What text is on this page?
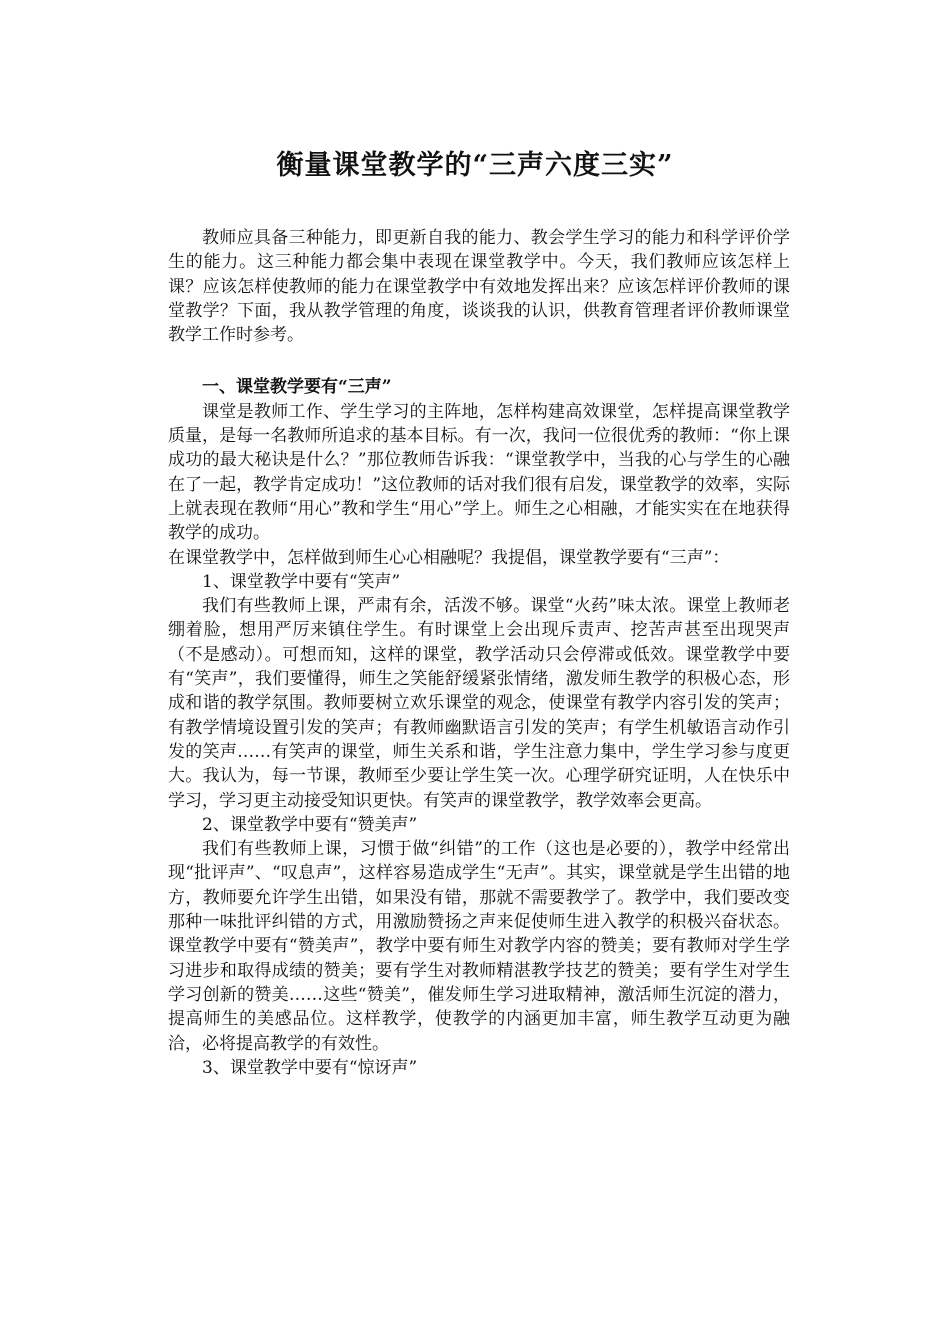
衡量课堂教学的“三声六度三实”

教师应具备三种能力，即更新自我的能力、教会学生学习的能力和科学评价学生的能力。这三种能力都会集中表现在课堂教学中。今天，我们教师应该怎样上课？应该怎样使教师的能力在课堂教学中有效地发挥出来？应该怎样评价教师的课堂教学？下面，我从教学管理的角度，谈谈我的认识，供教育管理者评价教师课堂教学工作时参考。

一、课堂教学要有“三声”

课堂是教师工作、学生学习的主阵地，怎样构建高效课堂，怎样提高课堂教学质量，是每一名教师所追求的基本目标。有一次，我问一位很优秀的教师：“你上课成功的最大秘诀是什么？”那位教师告诉我：“课堂教学中，当我的心与学生的心融在了一起，教学肯定成功！”这位教师的话对我们很有启发，课堂教学的效率，实际上就表现在教师“用心”教和学生“用心”学上。师生之心相融，才能实实在在地获得教学的成功。

在课堂教学中，怎样做到师生心心相融呢？我提倡，课堂教学要有“三声”：

1、课堂教学中要有“笑声”

我们有些教师上课，严肃有余，活泼不够。课堂“火药”味太浓。课堂上教师老绷着脸，想用严厉来镇住学生。有时课堂上会出现斥责声、挖苦声甚至出现哭声（不是感动）。可想而知，这样的课堂，教学活动只会停滞或低效。课堂教学中要有“笑声”，我们要懂得，师生之笑能舒缓紧张情绪，激发师生教学的积极心态，形成和谐的教学氛围。教师要树立欢乐课堂的观念，使课堂有教学内容引发的笑声；有教学情境设置引发的笑声；有教师幽默语言引发的笑声；有学生机敏语言动作引发的笑声……有笑声的课堂，师生关系和谐，学生注意力集中，学生学习参与度更大。我认为，每一节课，教师至少要让学生笑一次。心理学研究证明，人在快乐中学习，学习更主动接受知识更快。有笑声的课堂教学，教学效率会更高。

2、课堂教学中要有“赞美声”

我们有些教师上课，习惯于做“纠错”的工作（这也是必要的），教学中经常出现“批评声”、“叹息声”，这样容易造成学生“无声”。其实，课堂就是学生出错的地方，教师要允许学生出错，如果没有错，那就不需要教学了。教学中，我们要改变那种一味批评纠错的方式，用激励赞扬之声来促使师生进入教学的积极兴奋状态。课堂教学中要有“赞美声”，教学中要有师生对教学内容的赞美；要有教师对学生学习进步和取得成绩的赞美；要有学生对教师精湛教学技艺的赞美；要有学生对学生学习创新的赞美……这些“赞美”，催发师生学习进取精神，激活师生沉淀的潜力，提高师生的美感品位。这样教学，使教学的内涵更加丰富，师生教学互动更为融洽，必将提高教学的有效性。

3、课堂教学中要有“惊讶声”
